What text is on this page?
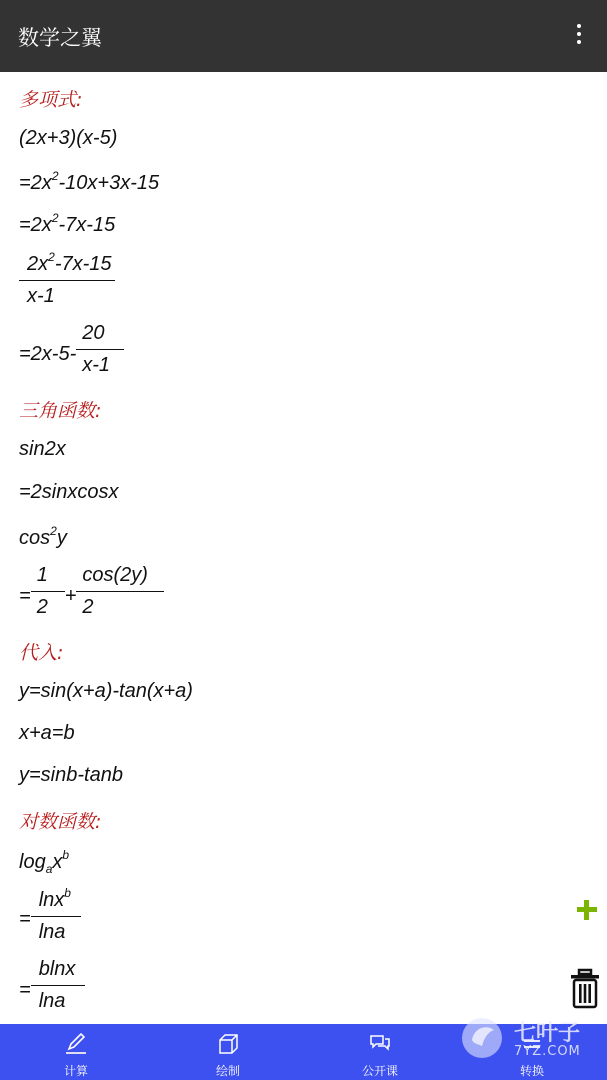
数学之翼
多项式:
(2x+3)(x-5)
$=2x^2-10x+3x-15$
$=2x^2-7x-15$
$\frac{2x^2-7x-15}{x-1}$
$=2x-5- \frac{20}{x-1}$
三角函数:
sin2x
=2sinxcosx
$\cos^2y$
= $\frac{1}{2} + \frac{\cos(2y)}{2}$
代入:
y=sin(x+a)-tan(x+a)
x+a=b
y=sinb-tanb
对数函数:
$\log_ax^b$
= $\frac{\ln x^b}{\ln a}$
= $\frac{blnx}{\ln a}$
计算	绘制	公开课	转换
七叶子
7YZ.COM
